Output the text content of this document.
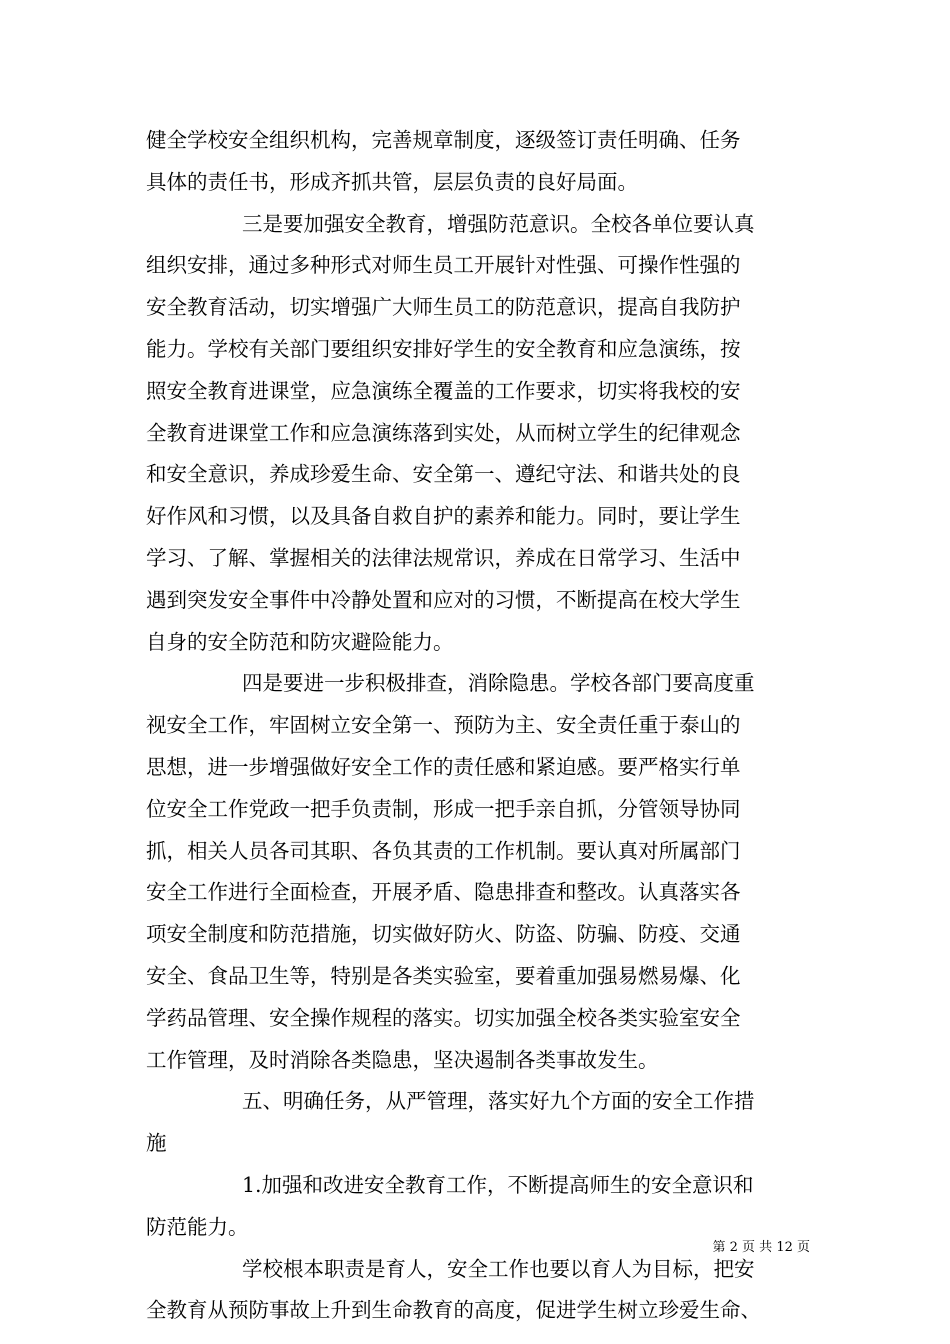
健全学校安全组织机构，完善规章制度，逐级签订责任明确、任务
具体的责任书，形成齐抓共管，层层负责的良好局面。
三是要加强安全教育，增强防范意识。全校各单位要认真
组织安排，通过多种形式对师生员工开展针对性强、可操作性强的
安全教育活动，切实增强广大师生员工的防范意识，提高自我防护
能力。学校有关部门要组织安排好学生的安全教育和应急演练，按
照安全教育进课堂，应急演练全覆盖的工作要求，切实将我校的安
全教育进课堂工作和应急演练落到实处，从而树立学生的纪律观念
和安全意识，养成珍爱生命、安全第一、遵纪守法、和谐共处的良
好作风和习惯，以及具备自救自护的素养和能力。同时，要让学生
学习、了解、掌握相关的法律法规常识，养成在日常学习、生活中
遇到突发安全事件中冷静处置和应对的习惯，不断提高在校大学生
自身的安全防范和防灾避险能力。
四是要进一步积极排查，消除隐患。学校各部门要高度重
视安全工作，牢固树立安全第一、预防为主、安全责任重于泰山的
思想，进一步增强做好安全工作的责任感和紧迫感。要严格实行单
位安全工作党政一把手负责制，形成一把手亲自抓，分管领导协同
抓，相关人员各司其职、各负其责的工作机制。要认真对所属部门
安全工作进行全面检查，开展矛盾、隐患排查和整改。认真落实各
项安全制度和防范措施，切实做好防火、防盗、防骗、防疫、交通
安全、食品卫生等，特别是各类实验室，要着重加强易燃易爆、化
学药品管理、安全操作规程的落实。切实加强全校各类实验室安全
工作管理，及时消除各类隐患，坚决遏制各类事故发生。
五、明确任务，从严管理，落实好九个方面的安全工作措
施
1.加强和改进安全教育工作，不断提高师生的安全意识和
防范能力。
学校根本职责是育人，安全工作也要以育人为目标，把安
全教育从预防事故上升到生命教育的高度，促进学生树立珍爱生命、
第 2 页 共 12 页
